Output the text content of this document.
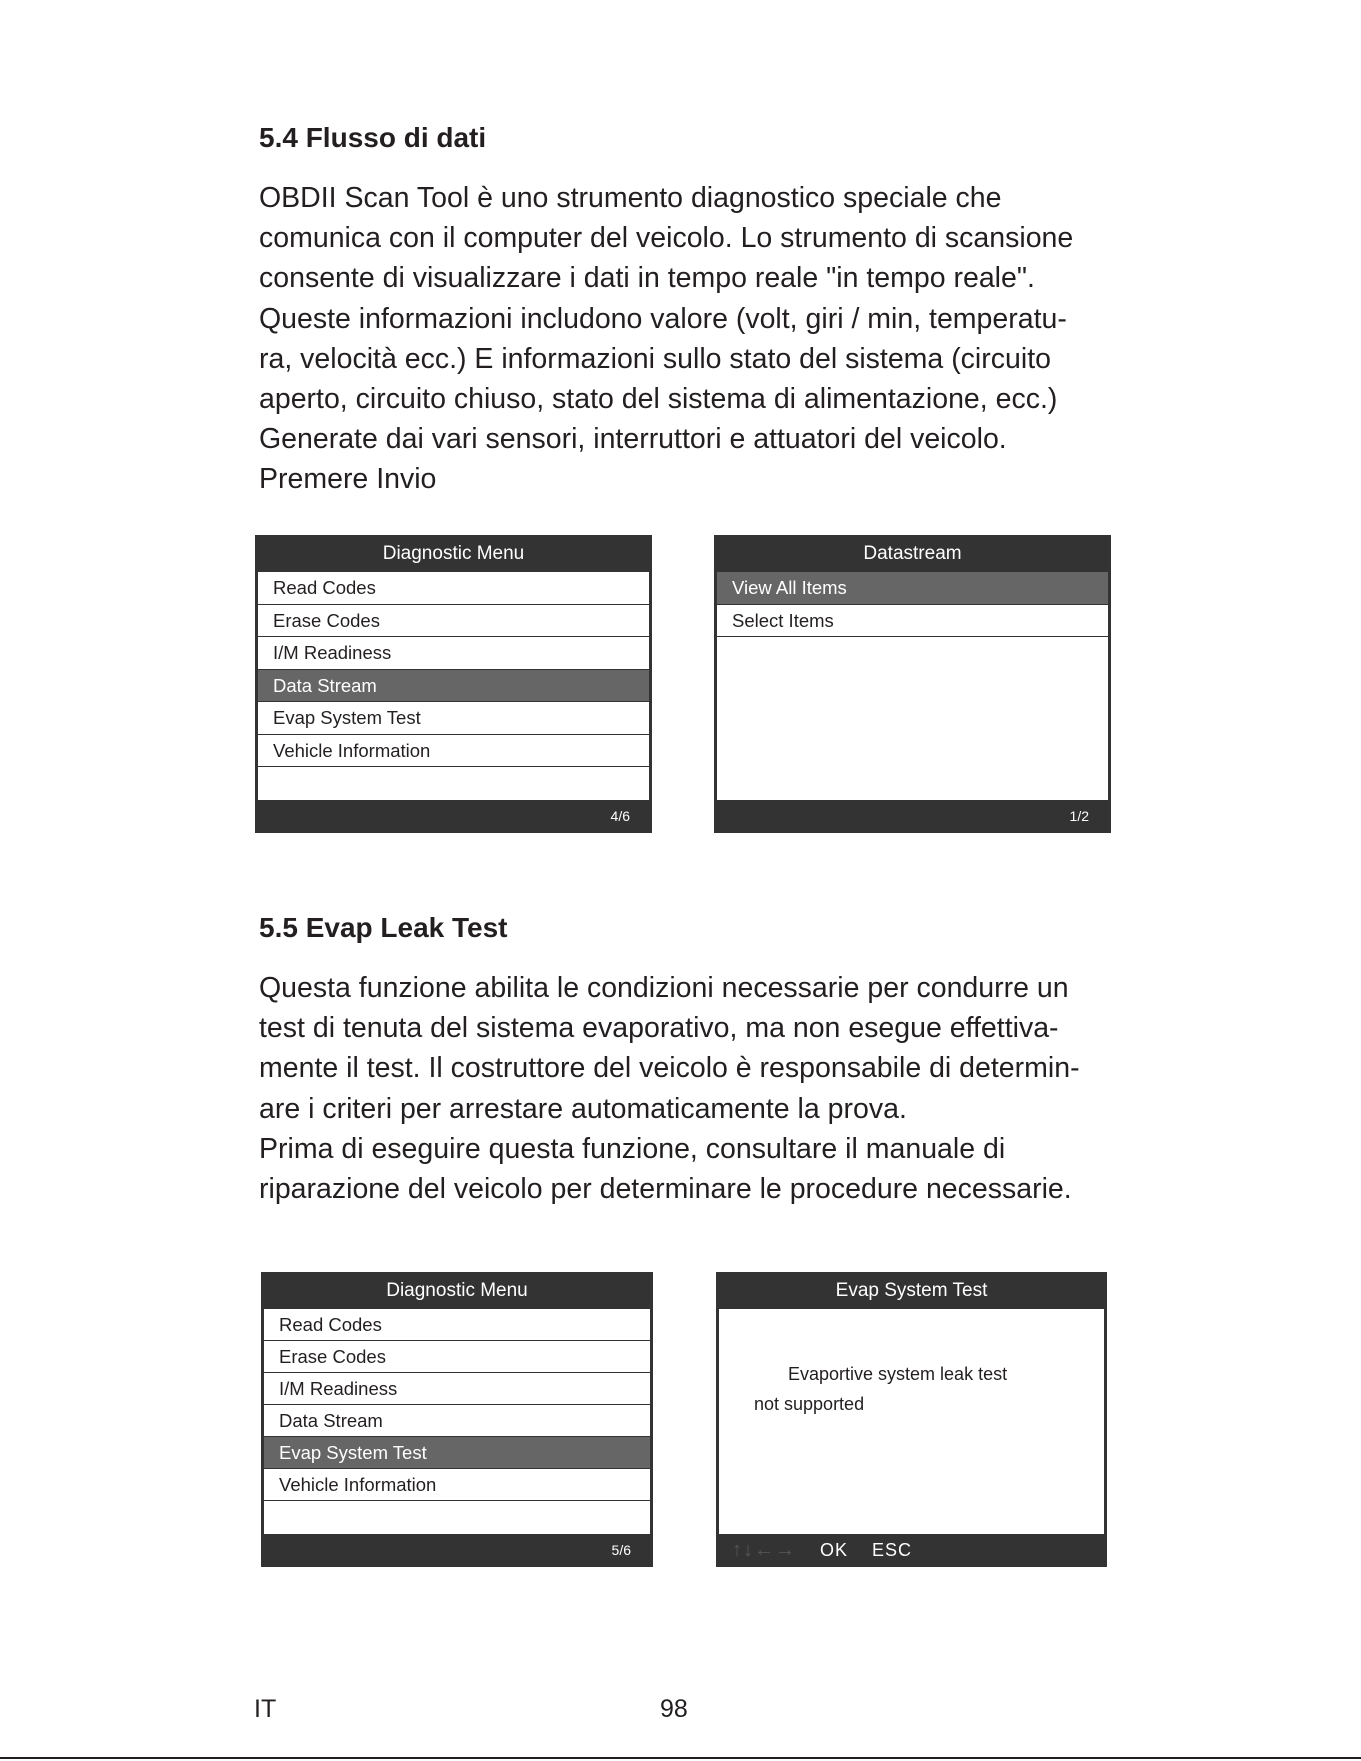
5.4 Flusso di dati
OBDII Scan Tool è uno strumento diagnostico speciale che
comunica con il computer del veicolo. Lo strumento di scansione
consente di visualizzare i dati in tempo reale "in tempo reale".
Queste informazioni includono valore (volt, giri / min, temperatu-
ra, velocità ecc.) E informazioni sullo stato del sistema (circuito
aperto, circuito chiuso, stato del sistema di alimentazione, ecc.)
Generate dai vari sensori, interruttori e attuatori del veicolo.
Premere Invio
Diagnostic Menu
Read Codes
Erase Codes
I/M Readiness
Data Stream
Evap System Test
Vehicle Information
4/6
Datastream
View All Items
Select Items
1/2
5.5 Evap Leak Test
Questa funzione abilita le condizioni necessarie per condurre un
test di tenuta del sistema evaporativo, ma non esegue effettiva-
mente il test. Il costruttore del veicolo è responsabile di determin-
are i criteri per arrestare automaticamente la prova.
Prima di eseguire questa funzione, consultare il manuale di
riparazione del veicolo per determinare le procedure necessarie.
Diagnostic Menu
Read Codes
Erase Codes
I/M Readiness
Data Stream
Evap System Test
Vehicle Information
5/6
Evap System Test
Evaportive system leak test
not supported
↑↓←→ OK ESC
IT	98
